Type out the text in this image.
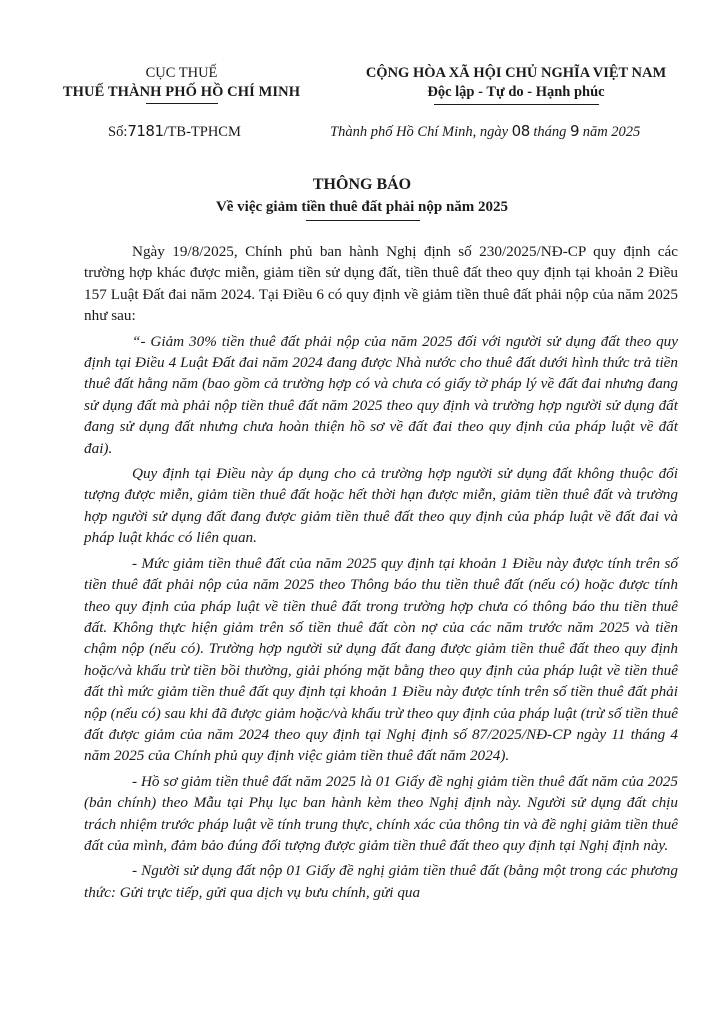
CỤC THUẾ
THUẾ THÀNH PHỐ HỒ CHÍ MINH
CỘNG HÒA XÃ HỘI CHỦ NGHĨA VIỆT NAM
Độc lập - Tự do - Hạnh phúc
Số:7181/TB-TPHCM	Thành phố Hồ Chí Minh, ngày 08 tháng 9 năm 2025
THÔNG BÁO
Về việc giảm tiền thuê đất phải nộp năm 2025

Ngày 19/8/2025, Chính phủ ban hành Nghị định số 230/2025/NĐ-CP quy định các trường hợp khác được miễn, giảm tiền sử dụng đất, tiền thuê đất theo quy định tại khoản 2 Điều 157 Luật Đất đai năm 2024. Tại Điều 6 có quy định về giảm tiền thuê đất phải nộp của năm 2025 như sau:

“- Giảm 30% tiền thuê đất phải nộp của năm 2025 đối với người sử dụng đất theo quy định tại Điều 4 Luật Đất đai năm 2024 đang được Nhà nước cho thuê đất dưới hình thức trả tiền thuê đất hằng năm (bao gồm cả trường hợp có và chưa có giấy tờ pháp lý về đất đai nhưng đang sử dụng đất mà phải nộp tiền thuê đất năm 2025 theo quy định và trường hợp người sử dụng đất đang sử dụng đất nhưng chưa hoàn thiện hồ sơ về đất đai theo quy định của pháp luật về đất đai).

Quy định tại Điều này áp dụng cho cả trường hợp người sử dụng đất không thuộc đối tượng được miễn, giảm tiền thuê đất hoặc hết thời hạn được miễn, giảm tiền thuê đất và trường hợp người sử dụng đất đang được giảm tiền thuê đất theo quy định của pháp luật về đất đai và pháp luật khác có liên quan.

- Mức giảm tiền thuê đất của năm 2025 quy định tại khoản 1 Điều này được tính trên số tiền thuê đất phải nộp của năm 2025 theo Thông báo thu tiền thuê đất (nếu có) hoặc được tính theo quy định của pháp luật về tiền thuê đất trong trường hợp chưa có thông báo thu tiền thuê đất. Không thực hiện giảm trên số tiền thuê đất còn nợ của các năm trước năm 2025 và tiền chậm nộp (nếu có). Trường hợp người sử dụng đất đang được giảm tiền thuê đất theo quy định hoặc/và khấu trừ tiền bồi thường, giải phóng mặt bằng theo quy định của pháp luật về tiền thuê đất thì mức giảm tiền thuê đất quy định tại khoản 1 Điều này được tính trên số tiền thuê đất phải nộp (nếu có) sau khi đã được giảm hoặc/và khấu trừ theo quy định của pháp luật (trừ số tiền thuê đất được giảm của năm 2024 theo quy định tại Nghị định số 87/2025/NĐ-CP ngày 11 tháng 4 năm 2025 của Chính phủ quy định việc giảm tiền thuê đất năm 2024).

- Hồ sơ giảm tiền thuê đất năm 2025 là 01 Giấy đề nghị giảm tiền thuê đất năm của 2025 (bản chính) theo Mẫu tại Phụ lục ban hành kèm theo Nghị định này. Người sử dụng đất chịu trách nhiệm trước pháp luật về tính trung thực, chính xác của thông tin và đề nghị giảm tiền thuê đất của mình, đảm bảo đúng đối tượng được giảm tiền thuê đất theo quy định tại Nghị định này.

- Người sử dụng đất nộp 01 Giấy đề nghị giảm tiền thuê đất (bằng một trong các phương thức: Gửi trực tiếp, gửi qua dịch vụ bưu chính, gửi qua
